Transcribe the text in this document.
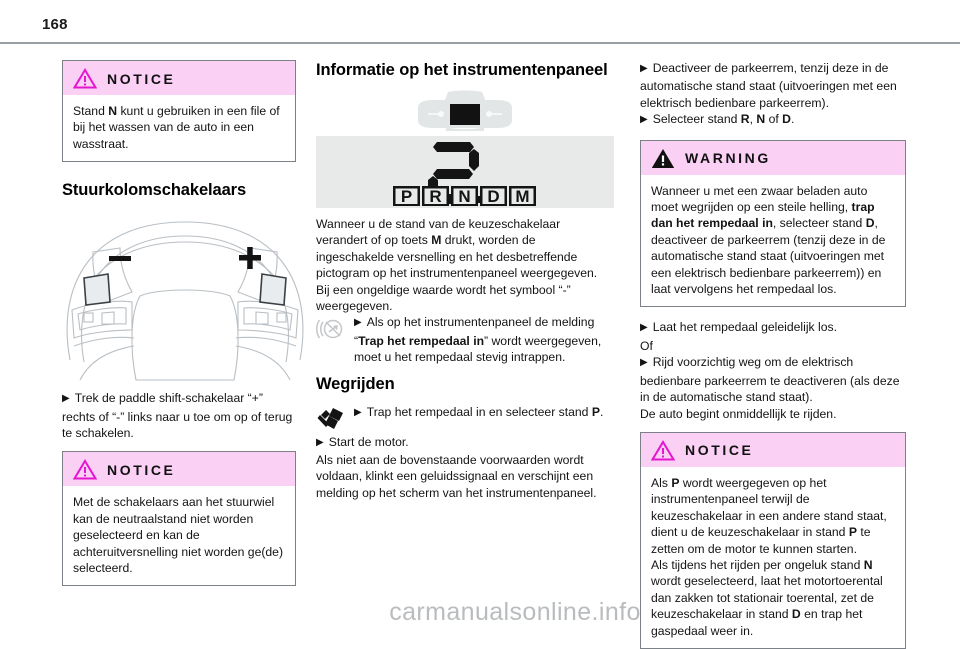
168
NOTICE
Stand N kunt u gebruiken in een file of bij het wassen van de auto in een wasstraat.
Stuurkolomschakelaars

▶ Trek de paddle shift-schakelaar “+” rechts of “-” links naar u toe om op of terug te schakelen.

NOTICE
Met de schakelaars aan het stuurwiel kan de neutraalstand niet worden geselecteerd en kan de achteruitversnelling niet worden ge(de) selecteerd.
Informatie op het instrumentenpaneel
P R N D M

Wanneer u de stand van de keuzeschakelaar verandert of op toets M drukt, worden de ingeschakelde versnelling en het desbetreffende pictogram op het instrumentenpaneel weergegeven.

Bij een ongeldige waarde wordt het symbool “-” weergegeven.

▶ Als op het instrumentenpaneel de melding “Trap het rempedaal in” wordt weergegeven, moet u het rempedaal stevig intrappen.

Wegrijden

▶ Trap het rempedaal in en selecteer stand P.

▶ Start de motor.

Als niet aan de bovenstaande voorwaarden wordt voldaan, klinkt een geluidssignaal en verschijnt een melding op het scherm van het instrumentenpaneel.

▶ Deactiveer de parkeerrem, tenzij deze in de automatische stand staat (uitvoeringen met een elektrisch bedienbare parkeerrem).

▶ Selecteer stand R, N of D.

WARNING
Wanneer u met een zwaar beladen auto moet wegrijden op een steile helling, trap dan het rempedaal in, selecteer stand D, deactiveer de parkeerrem (tenzij deze in de automatische stand staat (uitvoeringen met een elektrisch bedienbare parkeerrem)) en laat vervolgens het rempedaal los.

▶ Laat het rempedaal geleidelijk los.

Of

▶ Rijd voorzichtig weg om de elektrisch bedienbare parkeerrem te deactiveren (als deze in de automatische stand staat).

De auto begint onmiddellijk te rijden.

NOTICE
Als P wordt weergegeven op het instrumentenpaneel terwijl de keuzeschakelaar in een andere stand staat, dient u de keuzeschakelaar in stand P te zetten om de motor te kunnen starten.
Als tijdens het rijden per ongeluk stand N wordt geselecteerd, laat het motortoerental dan zakken tot stationair toerental, zet de keuzeschakelaar in stand D en trap het gaspedaal weer in.
carmanualsonline.info
